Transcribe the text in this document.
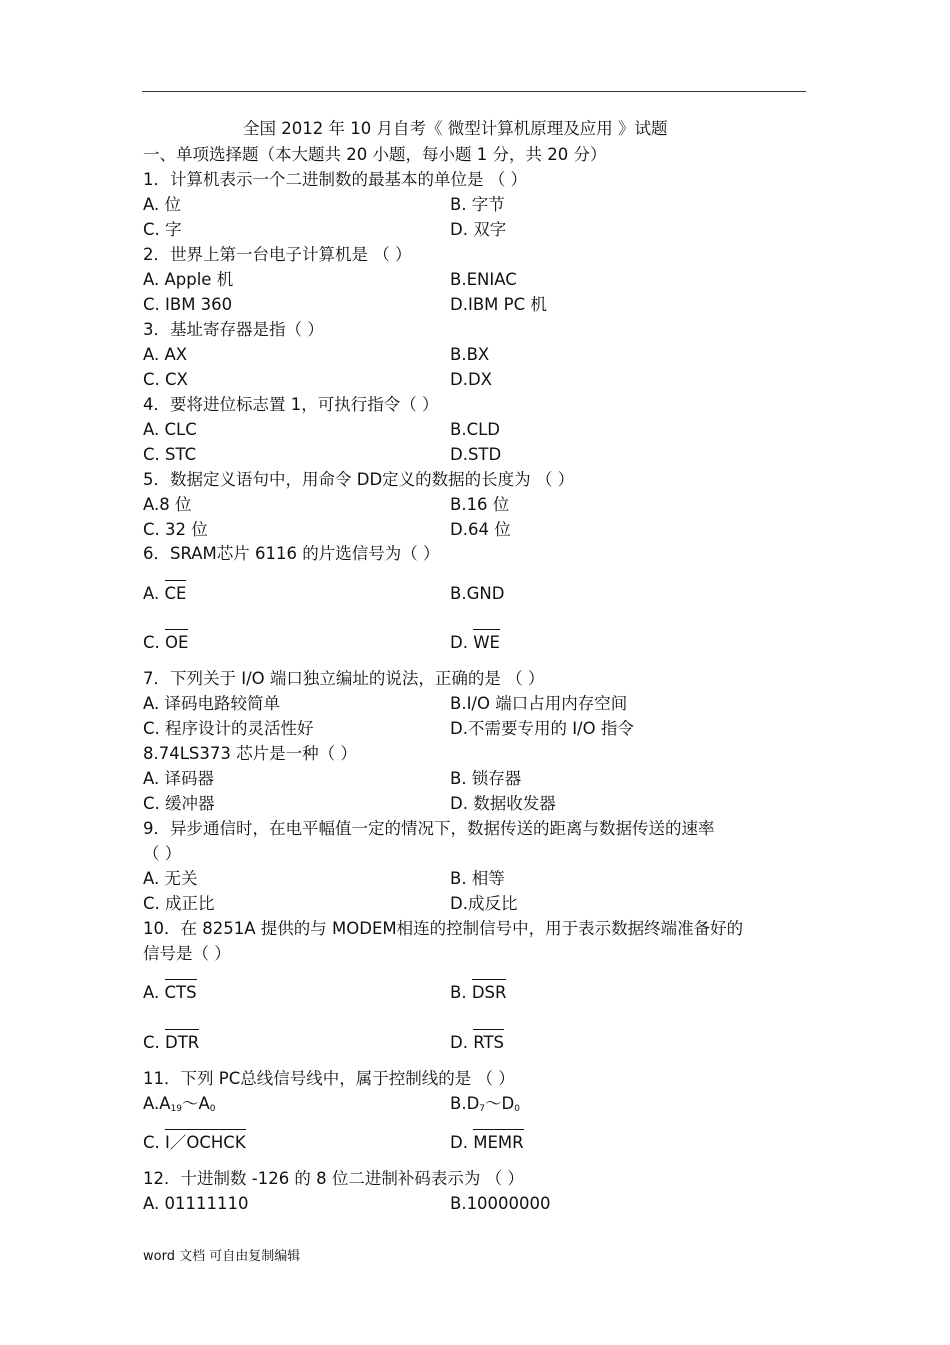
全国 2012 年 10 月自考《 微型计算机原理及应用 》试题
一、单项选择题（本大题共 20 小题，每小题 1 分，共 20 分）
1．计算机表示一个二进制数的最基本的单位是 （ ）
A. 位	B. 字节
C. 字	D. 双字
2．世界上第一台电子计算机是 （ ）
A. Apple 机	B.ENIAC
C. IBM 360	D.IBM PC 机
3．基址寄存器是指（ ）
A. AX	B.BX
C. CX	D.DX
4．要将进位标志置 1，可执行指令（ ）
A. CLC	B.CLD
C. STC	D.STD
5．数据定义语句中，用命令 DD定义的数据的长度为 （ ）
A.8 位	B.16 位
C. 32 位	D.64 位
6．SRAM芯片 6116 的片选信号为（ ）
A. CE	B.GND
C. OE	D. WE
7．下列关于 I/O 端口独立编址的说法，正确的是 （ ）
A. 译码电路较简单	B.I/O 端口占用内存空间
C. 程序设计的灵活性好	D.不需要专用的 I/O 指令
8.74LS373 芯片是一种（ ）
A. 译码器	B. 锁存器
C. 缓冲器	D. 数据收发器
9．异步通信时，在电平幅值一定的情况下，数据传送的距离与数据传送的速率
（ ）
A. 无关	B. 相等
C. 成正比	D.成反比
10．在 8251A 提供的与 MODEM相连的控制信号中，用于表示数据终端准备好的
信号是（ ）
A. CTS	B. DSR
C. DTR	D. RTS
11．下列 PC总线信号线中，属于控制线的是 （ ）
$A.A_{19}\sim A_0$	$B.D_7\sim D_0$
C. I／OCHCK	D. MEMR
12．十进制数 -126 的 8 位二进制补码表示为 （ ）
A. 01111110	B.10000000
word 文档 可自由复制编辑
